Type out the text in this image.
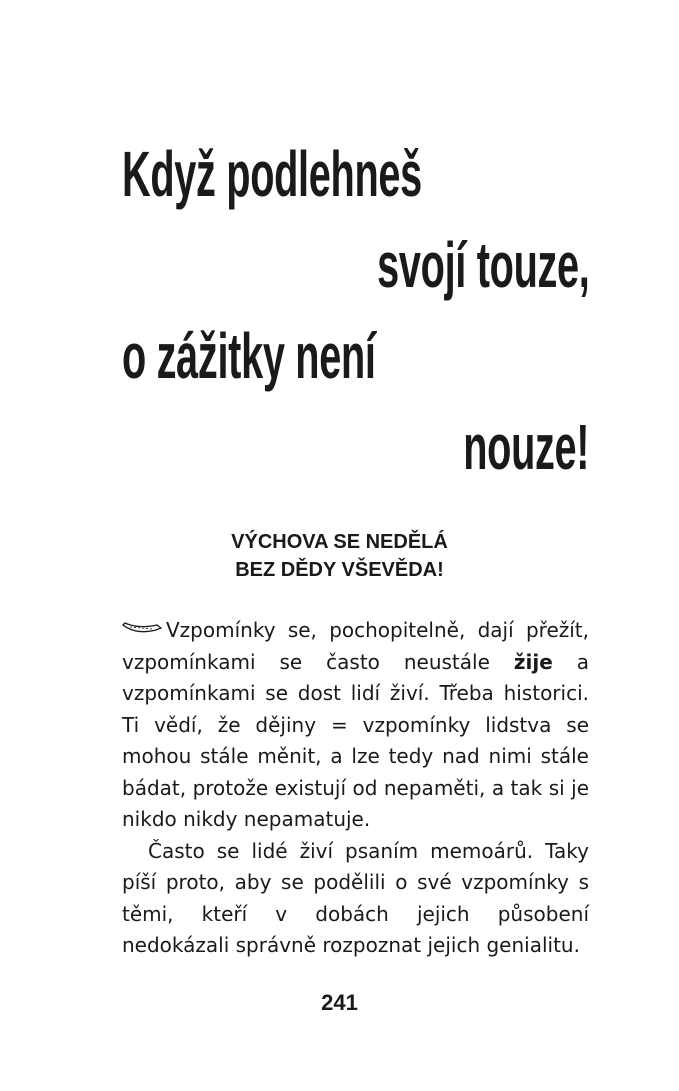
Když podlehneš
svojí touze,
o zážitky není
nouze!
VÝCHOVA SE NEDĚLÁ
BEZ DĚDY VŠEVĚDA!

Vzpomínky se, pochopitelně, dají přežít, vzpomínkami se často neustále žije a vzpomínkami se dost lidí živí. Třeba historici. Ti vědí, že dějiny = vzpomínky lidstva se mohou stále měnit, a lze tedy nad nimi stále bádat, protože existují od nepaměti, a tak si je nikdo nikdy nepamatuje.

Často se lidé živí psaním memoárů. Taky píší proto, aby se podělili o své vzpomínky s těmi, kteří v dobách jejich působení nedokázali správně rozpoznat jejich genialitu.

241
